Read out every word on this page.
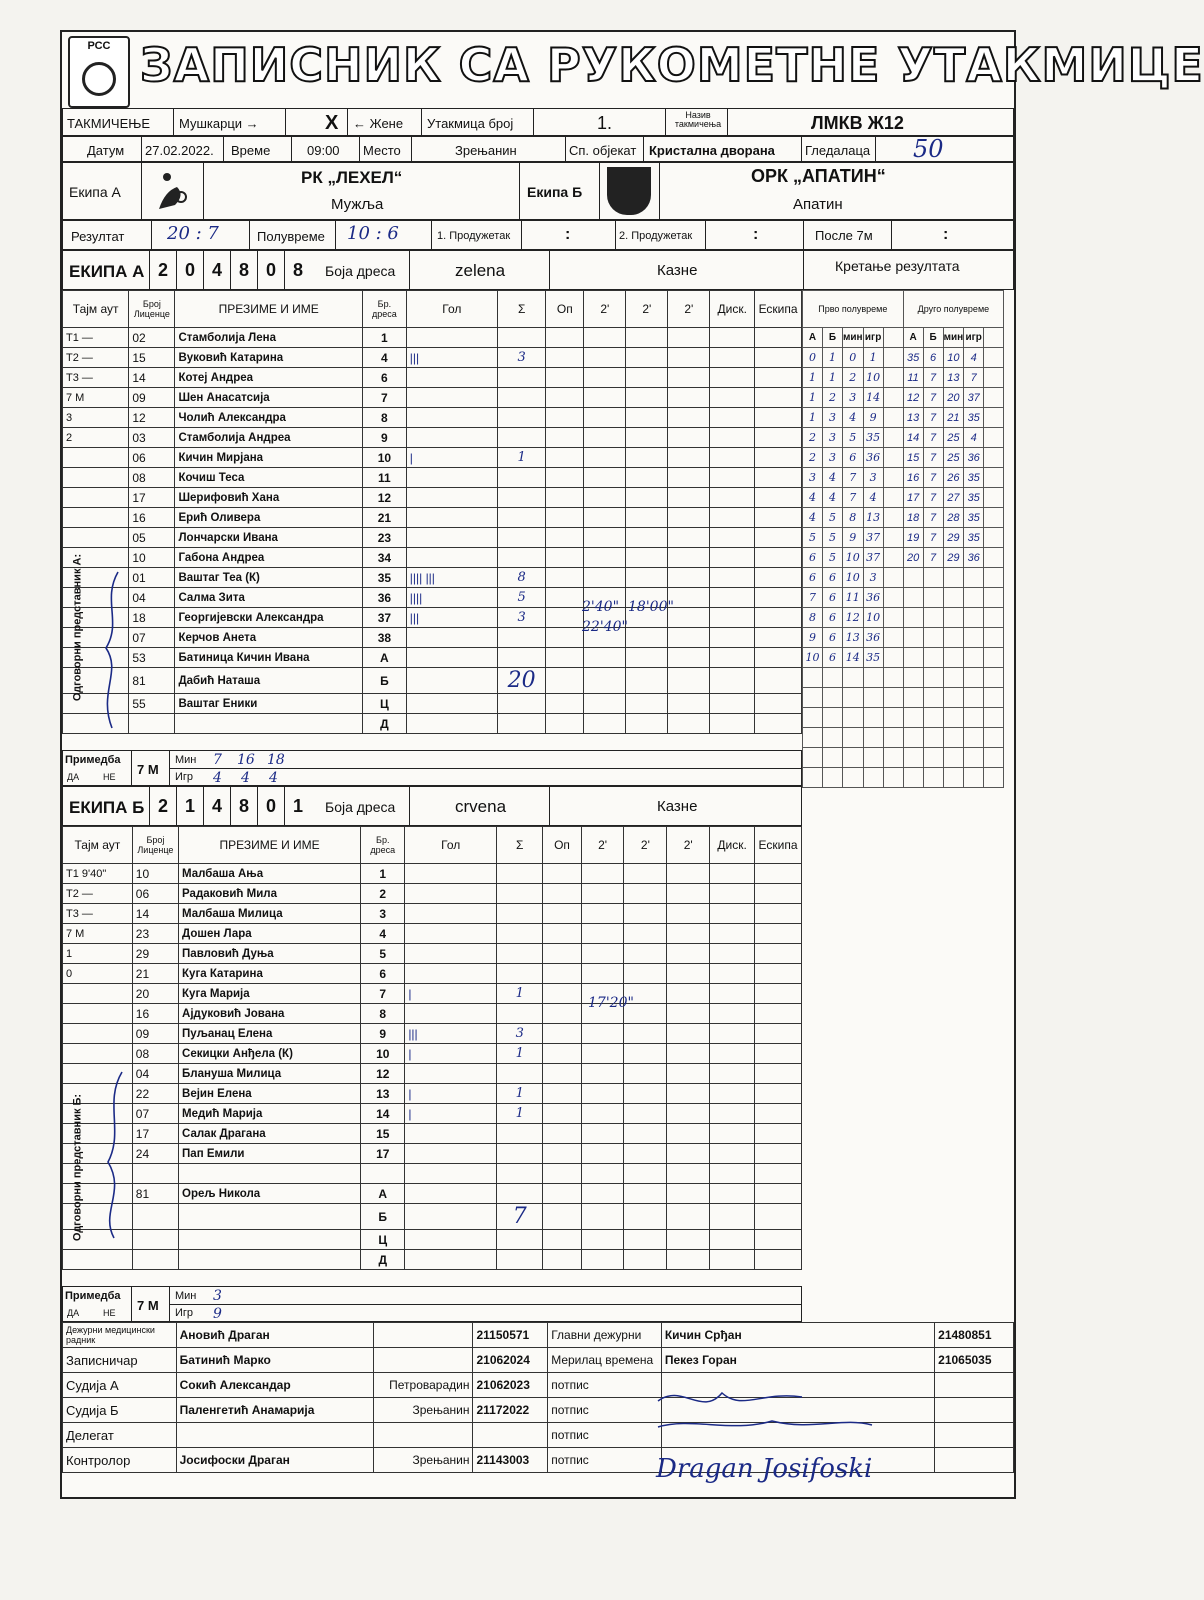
РСС ЗАПИСНИК СА РУКОМЕТНЕ УТАКМИЦЕ
ТАКМИЧЕЊЕ Мушкарци →	X ← Жене Утакмица број	1.	Назив такмичења	ЛМКВ Ж12
Датум 27.02.2022. Време	09:00 Место	Зрењанин	Сп. објекат Кристална дворана Гледалаца 50
Екипа А
РК „ЛЕХЕЛ“
Мужља
Екипа Б
ОРК „АПАТИН“
Апатин
Резултат 20 : 7	Полувреме 10 : 6	1. Продужетак	:	2. Продужетак	:	После 7м	:
ЕКИПА А 2 0 4 8 0 8	Боја дреса	zelena	Казне	Кретање резултата
Тајм аут	Број Лиценце	ПРЕЗИМЕ И ИМЕ	Бр. дреса	Гол	Σ	Оп	2'	2'	2'	Диск.	Ескипа
T1 —	02	Стамболија Лена	1								
T2 —	15	Вуковић Катарина	4	|||	3						
T3 —	14	Котеј Андреа	6								
7 M	09	Шен Анасатсија	7								
3	12	Чолић Александра	8								
2	03	Стамболија Андреа	9								
	06	Кичин Мирјана	10	|	1						
	08	Кочиш Теса	11								
	17	Шерифовић Хана	12								
	16	Ерић Оливера	21								
	05	Лончарски Ивана	23								
	10	Габона Андреа	34								
	01	Ваштаг Теа (К)	35	|||| |||	8						
	04	Салма Зита	36	||||	5						
	18	Георгијевски Александра	37	|||	3						
	07	Керчов Анета	38								
	53	Батиница Кичин Ивана	А								
	81	Дабић Наташа	Б		20						
	55	Ваштаг Еники	Ц								
			Д								
2'40" 18'00"
22'40"
Одговорни представник А:
Прво полувреме					Друго полувреме				
А	Б	мин	игр		А	Б	мин	игр	
0	1	0	1		35	6	10	4	
1	1	2	10		11	7	13	7	
1	2	3	14		12	7	20	37	
1	3	4	9		13	7	21	35	
2	3	5	35		14	7	25	4	
2	3	6	36		15	7	25	36	
3	4	7	3		16	7	26	35	
4	4	7	4		17	7	27	35	
4	5	8	13		18	7	28	35	
5	5	9	37		19	7	29	35	
6	5	10	37		20	7	29	36	
6	6	10	3						
7	6	11	36						
8	6	12	10						
9	6	13	36						
10	6	14	35						

Примедба
ДА	НЕ 7 М
Мин
Игр
7 16 18
4 4 4
ЕКИПА Б 2 1 4 8 0 1	Боја дреса	crvena	Казне
Тајм аут	Број Лиценце	ПРЕЗИМЕ И ИМЕ	Бр. дреса	Гол	Σ	Оп	2'	2'	2'	Диск.	Ескипа
T1 9'40"	10	Малбаша Ања	1								
T2 —	06	Радаковић Мила	2								
T3 —	14	Малбаша Милица	3								
7 M	23	Дошен Лара	4								
1	29	Павловић Дуња	5								
0	21	Куга Катарина	6								
	20	Куга Марија	7	|	1						
	16	Ајдуковић Јована	8								
	09	Пуљанац Елена	9	|||	3						
	08	Секицки Анђела (К)	10	|	1						
	04	Блануша Милица	12								
	22	Вејин Елена	13	|	1						
	07	Медић Марија	14	|	1						
	17	Салак Драгана	15								
	24	Пап Емили	17								

	81	Орељ Никола	А								
			Б		7						
			Ц								
			Д								
17'20"
Одговорни представник Б:
Примедба
ДА	НЕ 7 М
Мин
Игр
3
9
Дежурни медицински радник	Анoвић Драган		21150571	Главни дежурни	Кичин Срђан	21480851
Записничар	Батинић Марко		21062024	Мерилац времена	Пекез Горан	21065035
Судија А	Сокић Александар	Петроварадин	21062023	потпис		
Судија Б	Паленгетић Анамарија	Зрењанин	21172022	потпис		
Делегат				потпис		
Контролор	Јосифоски Драган	Зрењанин	21143003	потпис			Dragan Josifoski
